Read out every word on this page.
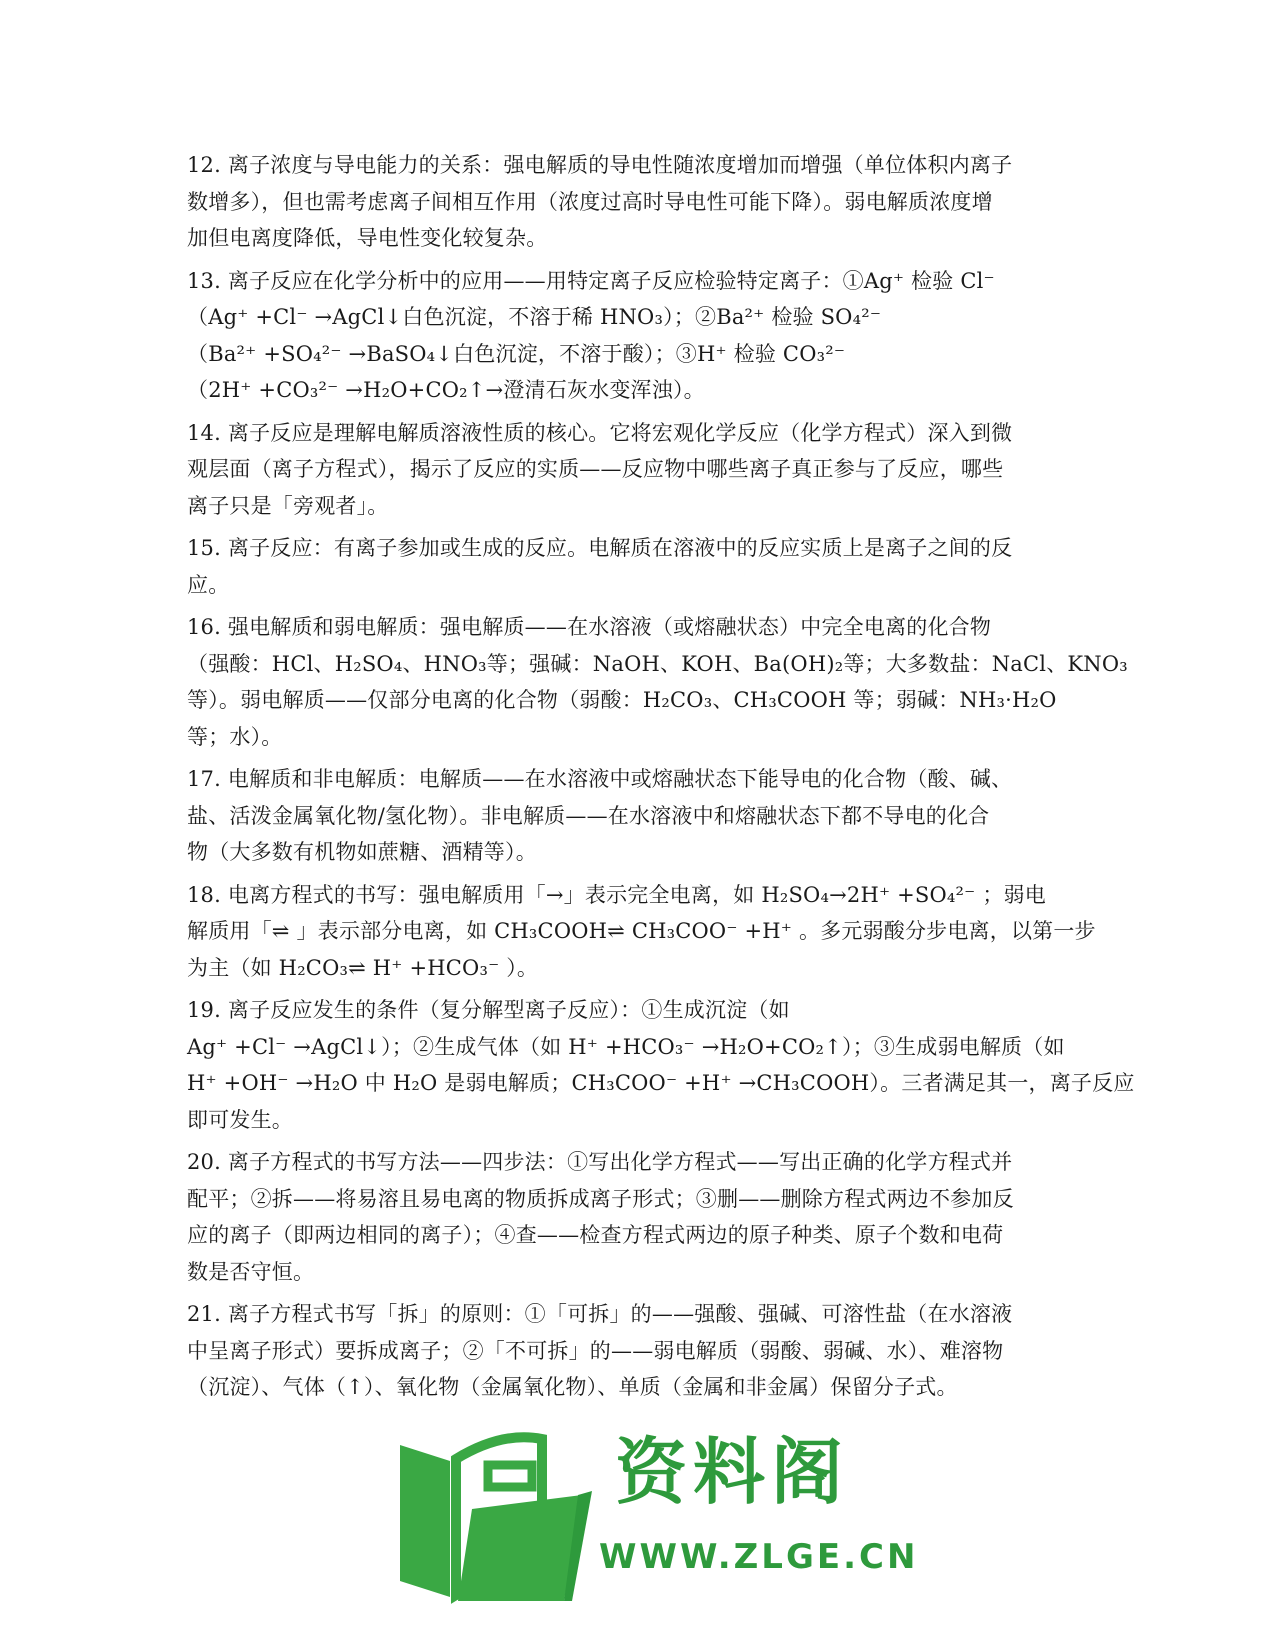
12. 离子浓度与导电能力的关系：强电解质的导电性随浓度增加而增强（单位体积内离子
数增多），但也需考虑离子间相互作用（浓度过高时导电性可能下降）。弱电解质浓度增
加但电离度降低，导电性变化较复杂。

13. 离子反应在化学分析中的应用——用特定离子反应检验特定离子：①Ag⁺ 检验 Cl⁻
（Ag⁺ +Cl⁻ →AgCl↓白色沉淀，不溶于稀 HNO₃）；②Ba²⁺ 检验 SO₄²⁻
（Ba²⁺ +SO₄²⁻ →BaSO₄↓白色沉淀，不溶于酸）；③H⁺ 检验 CO₃²⁻
（2H⁺ +CO₃²⁻ →H₂O+CO₂↑→澄清石灰水变浑浊）。

14. 离子反应是理解电解质溶液性质的核心。它将宏观化学反应（化学方程式）深入到微
观层面（离子方程式），揭示了反应的实质——反应物中哪些离子真正参与了反应，哪些
离子只是「旁观者」。

15. 离子反应：有离子参加或生成的反应。电解质在溶液中的反应实质上是离子之间的反
应。

16. 强电解质和弱电解质：强电解质——在水溶液（或熔融状态）中完全电离的化合物
（强酸：HCl、H₂SO₄、HNO₃等；强碱：NaOH、KOH、Ba(OH)₂等；大多数盐：NaCl、KNO₃
等）。弱电解质——仅部分电离的化合物（弱酸：H₂CO₃、CH₃COOH 等；弱碱：NH₃·H₂O
等；水）。

17. 电解质和非电解质：电解质——在水溶液中或熔融状态下能导电的化合物（酸、碱、
盐、活泼金属氧化物/氢化物）。非电解质——在水溶液中和熔融状态下都不导电的化合
物（大多数有机物如蔗糖、酒精等）。

18. 电离方程式的书写：强电解质用「→」表示完全电离，如 H₂SO₄→2H⁺ +SO₄²⁻ ；弱电
解质用「⇌ 」表示部分电离，如 CH₃COOH⇌ CH₃COO⁻ +H⁺ 。多元弱酸分步电离，以第一步
为主（如 H₂CO₃⇌ H⁺ +HCO₃⁻ ）。

19. 离子反应发生的条件（复分解型离子反应）：①生成沉淀（如
Ag⁺ +Cl⁻ →AgCl↓）；②生成气体（如 H⁺ +HCO₃⁻ →H₂O+CO₂↑）；③生成弱电解质（如
H⁺ +OH⁻ →H₂O 中 H₂O 是弱电解质；CH₃COO⁻ +H⁺ →CH₃COOH）。三者满足其一，离子反应
即可发生。

20. 离子方程式的书写方法——四步法：①写出化学方程式——写出正确的化学方程式并
配平；②拆——将易溶且易电离的物质拆成离子形式；③删——删除方程式两边不参加反
应的离子（即两边相同的离子）；④查——检查方程式两边的原子种类、原子个数和电荷
数是否守恒。

21. 离子方程式书写「拆」的原则：①「可拆」的——强酸、强碱、可溶性盐（在水溶液
中呈离子形式）要拆成离子；②「不可拆」的——弱电解质（弱酸、弱碱、水）、难溶物
（沉淀）、气体（↑）、氧化物（金属氧化物）、单质（金属和非金属）保留分子式。

资料阁
WWW.ZLGE.CN
